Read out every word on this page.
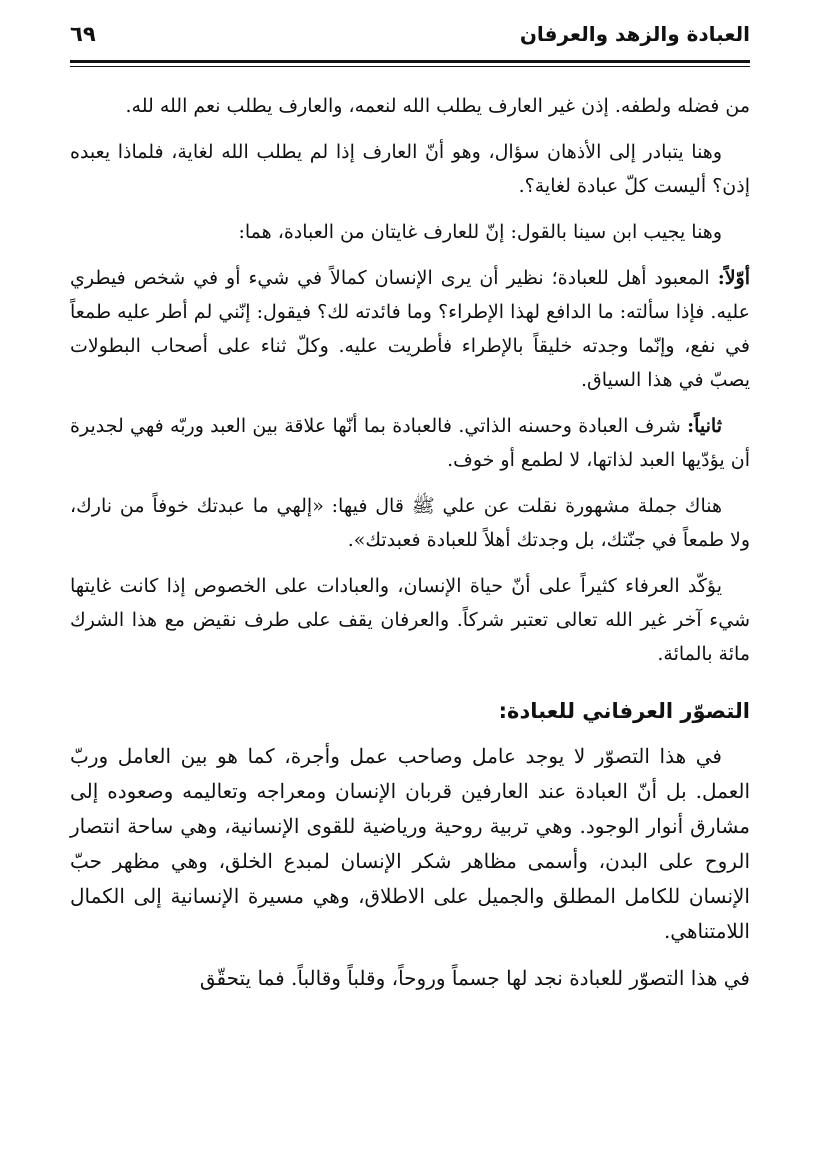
العبادة والزهد والعرفان
٦٩

من فضله ولطفه. إذن غير العارف يطلب الله لنعمه، والعارف يطلب نعم الله لله.

وهنا يتبادر إلى الأذهان سؤال، وهو أنّ العارف إذا لم يطلب الله لغاية، فلماذا يعبده إذن؟ أليست كلّ عبادة لغاية؟.

وهنا يجيب ابن سينا بالقول: إنّ للعارف غايتان من العبادة، هما:

أوّلاً: المعبود أهل للعبادة؛ نظير أن يرى الإنسان كمالاً في شيء أو في شخص فيطري عليه. فإذا سألته: ما الدافع لهذا الإطراء؟ وما فائدته لك؟ فيقول: إنّني لم أطر عليه طمعاً في نفع، وإنّما وجدته خليقاً بالإطراء فأطريت عليه. وكلّ ثناء على أصحاب البطولات يصبّ في هذا السياق.

ثانياً: شرف العبادة وحسنه الذاتي. فالعبادة بما أنّها علاقة بين العبد وربّه فهي لجديرة أن يؤدّيها العبد لذاتها، لا لطمع أو خوف.

هناك جملة مشهورة نقلت عن علي ﷺ قال فيها: «إلهي ما عبدتك خوفاً من نارك، ولا طمعاً في جنّتك، بل وجدتك أهلاً للعبادة فعبدتك».

يؤكّد العرفاء كثيراً على أنّ حياة الإنسان، والعبادات على الخصوص إذا كانت غايتها شيء آخر غير الله تعالى تعتبر شركاً. والعرفان يقف على طرف نقيض مع هذا الشرك مائة بالمائة.

التصوّر العرفاني للعبادة:

في هذا التصوّر لا يوجد عامل وصاحب عمل وأجرة، كما هو بين العامل وربّ العمل. بل أنّ العبادة عند العارفين قربان الإنسان ومعراجه وتعاليمه وصعوده إلى مشارق أنوار الوجود. وهي تربية روحية ورياضية للقوى الإنسانية، وهي ساحة انتصار الروح على البدن، وأسمى مظاهر شكر الإنسان لمبدع الخلق، وهي مظهر حبّ الإنسان للكامل المطلق والجميل على الاطلاق، وهي مسيرة الإنسانية إلى الكمال اللامتناهي.

في هذا التصوّر للعبادة نجد لها جسماً وروحاً، وقلباً وقالباً. فما يتحقّق
